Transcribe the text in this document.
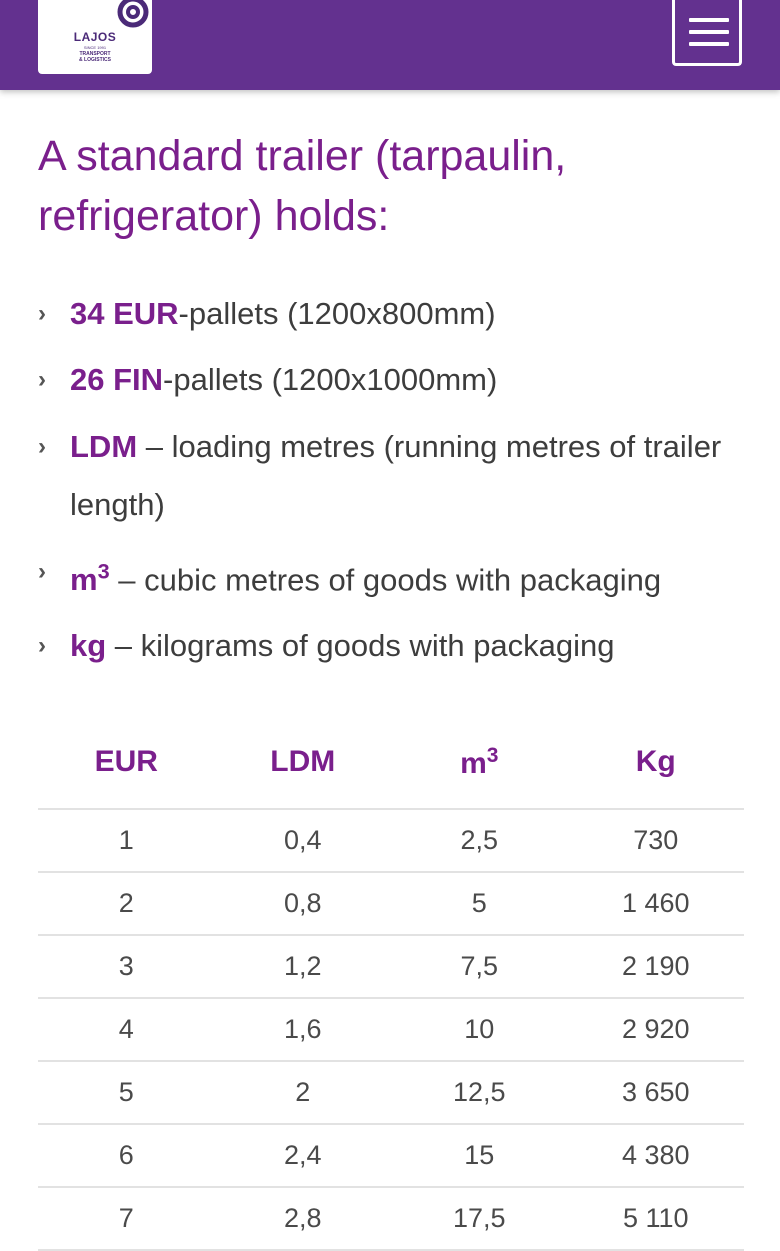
LAJOS
SINCE 1991
TRANSPORT
& LOGISTICS
A standard trailer (tarpaulin, refrigerator) holds:
› 34 EUR-pallets (1200x800mm)
› 26 FIN-pallets (1200x1000mm)
› LDM – loading metres (running metres of trailer length)
› $m^3$ – cubic metres of goods with packaging
› kg – kilograms of goods with packaging
EUR	LDM	$m^3$	Kg
1	0,4	2,5	730
2	0,8	5	1 460
3	1,2	7,5	2 190
4	1,6	10	2 920
5	2	12,5	3 650
6	2,4	15	4 380
7	2,8	17,5	5 110
